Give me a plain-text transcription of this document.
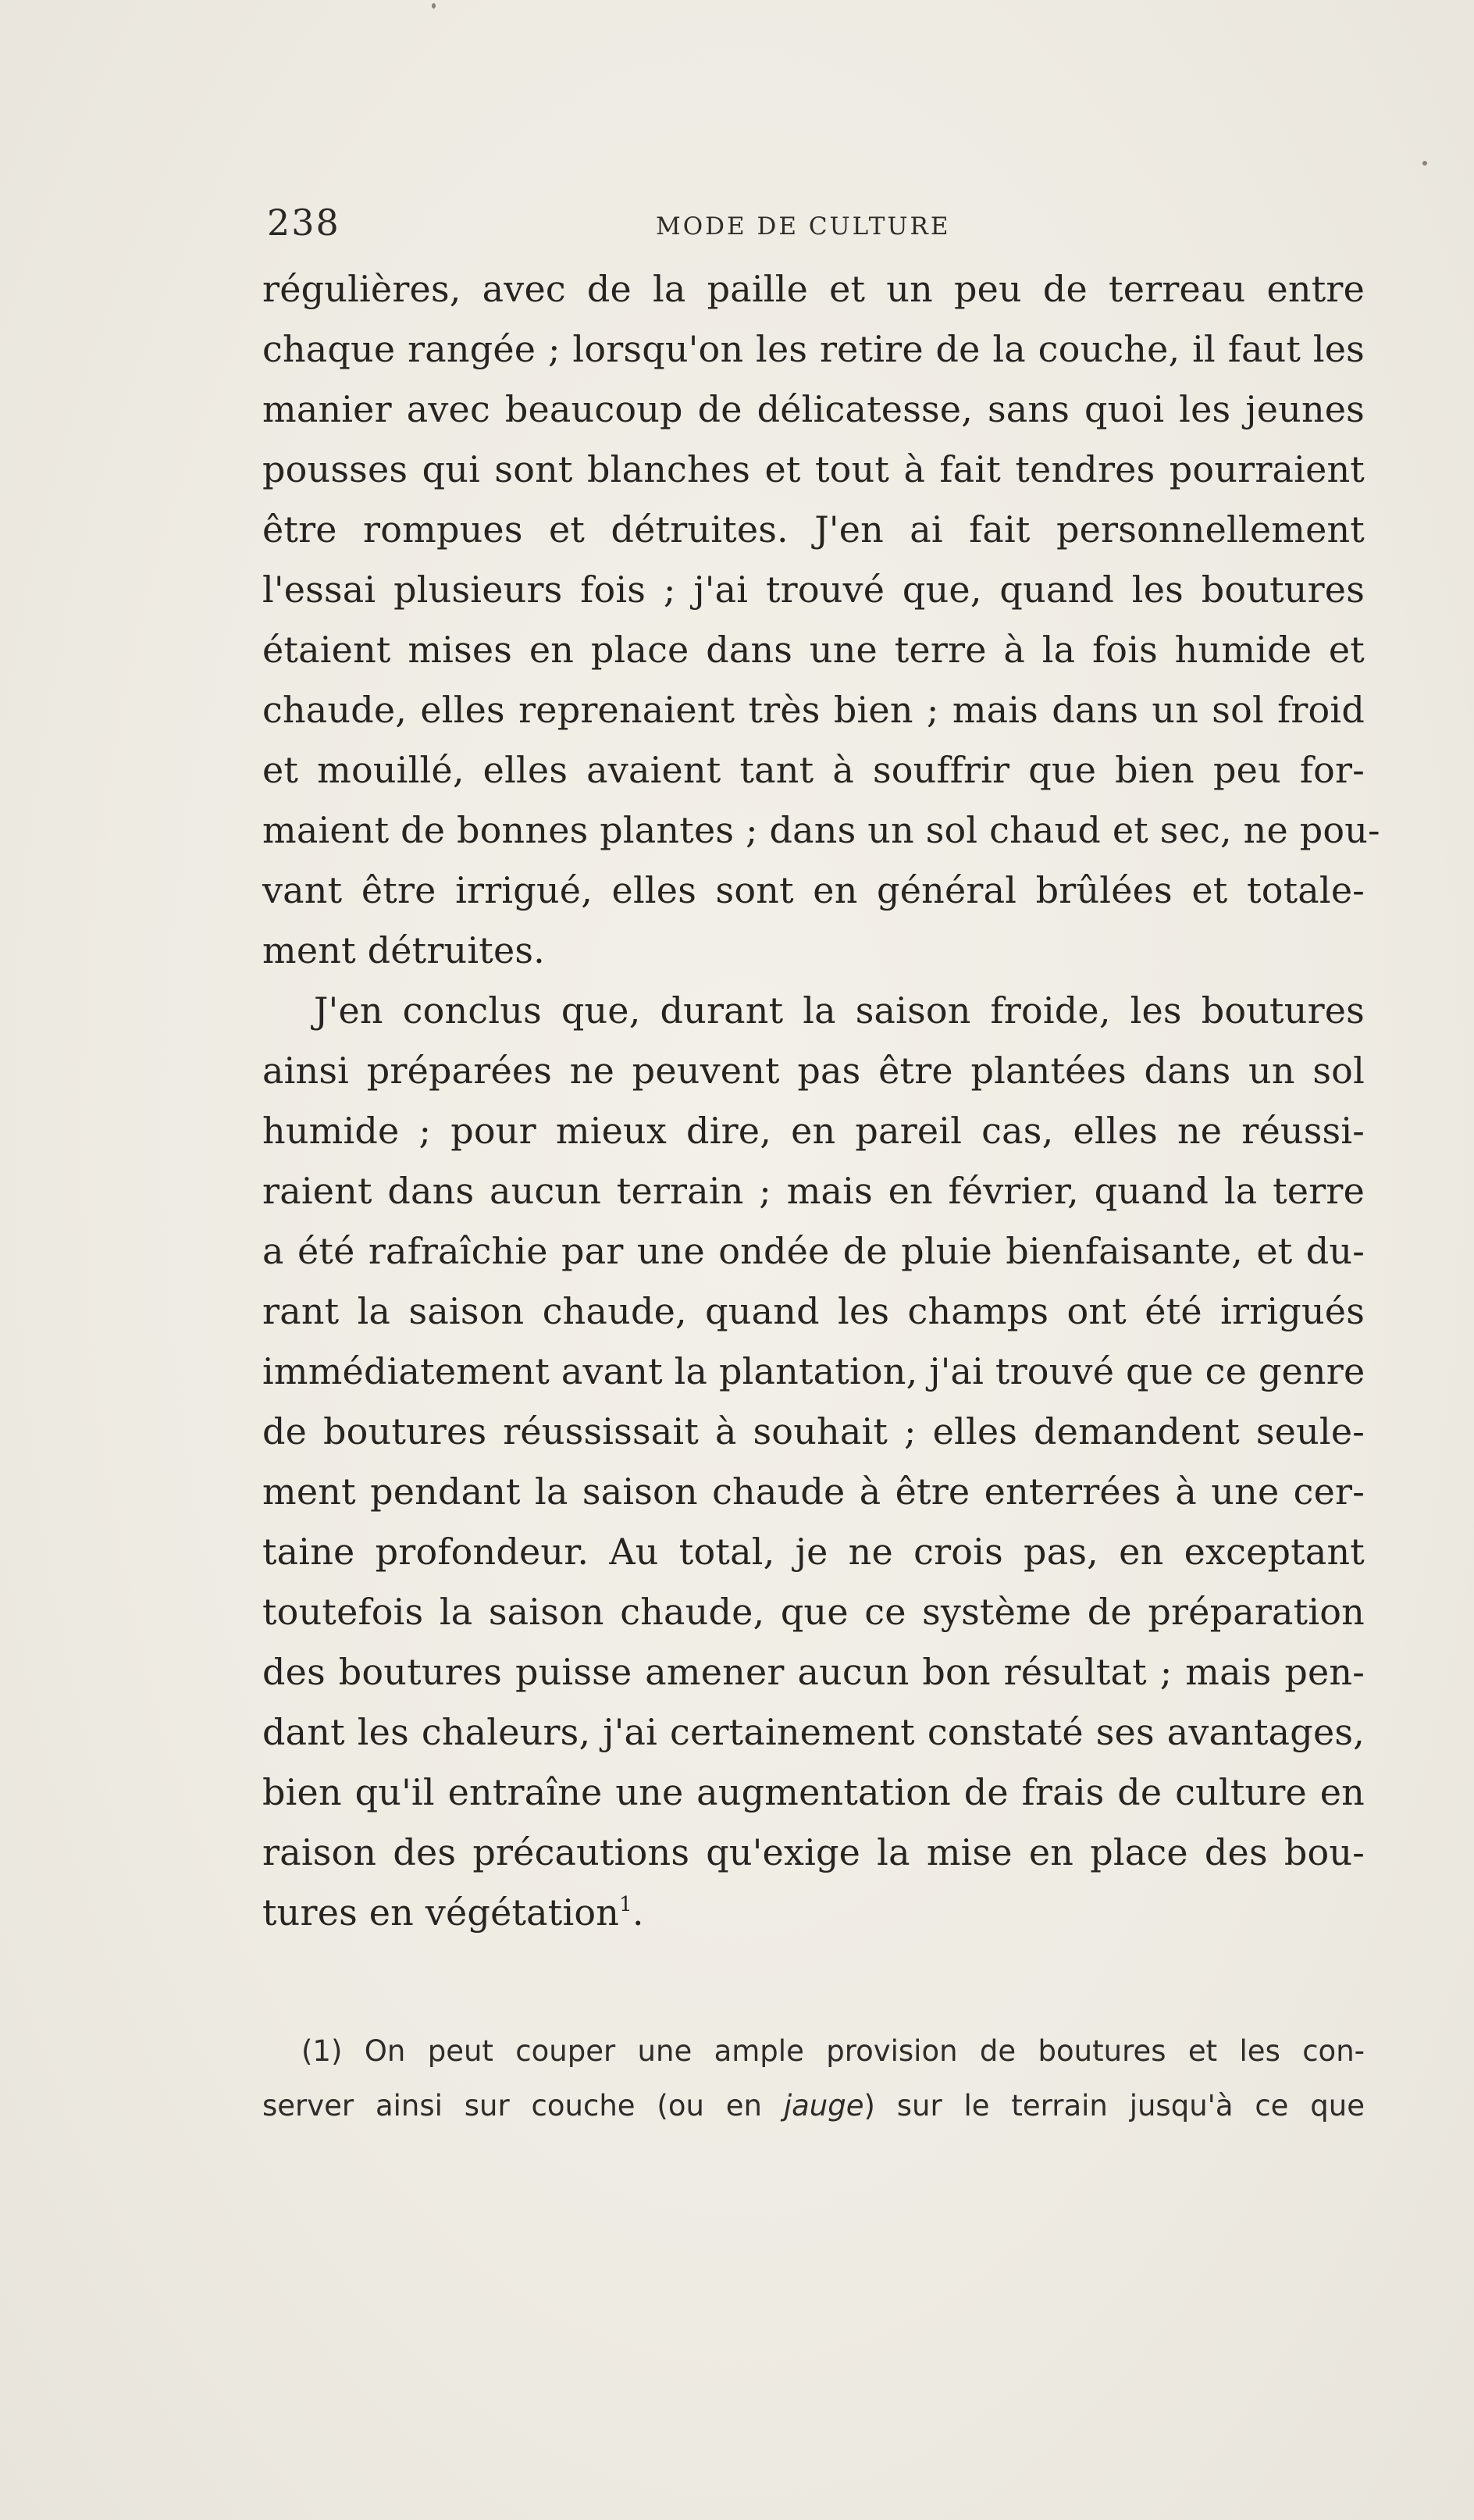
238	MODE DE CULTURE
régulières, avec de la paille et un peu de terreau entre
chaque rangée ; lorsqu'on les retire de la couche, il faut les
manier avec beaucoup de délicatesse, sans quoi les jeunes
pousses qui sont blanches et tout à fait tendres pourraient
être rompues et détruites. J'en ai fait personnellement
l'essai plusieurs fois ; j'ai trouvé que, quand les boutures
étaient mises en place dans une terre à la fois humide et
chaude, elles reprenaient très bien ; mais dans un sol froid
et mouillé, elles avaient tant à souffrir que bien peu for-
maient de bonnes plantes ; dans un sol chaud et sec, ne pou-
vant être irrigué, elles sont en général brûlées et totale-
ment détruites.
J'en conclus que, durant la saison froide, les boutures
ainsi préparées ne peuvent pas être plantées dans un sol
humide ; pour mieux dire, en pareil cas, elles ne réussi-
raient dans aucun terrain ; mais en février, quand la terre
a été rafraîchie par une ondée de pluie bienfaisante, et du-
rant la saison chaude, quand les champs ont été irrigués
immédiatement avant la plantation, j'ai trouvé que ce genre
de boutures réussissait à souhait ; elles demandent seule-
ment pendant la saison chaude à être enterrées à une cer-
taine profondeur. Au total, je ne crois pas, en exceptant
toutefois la saison chaude, que ce système de préparation
des boutures puisse amener aucun bon résultat ; mais pen-
dant les chaleurs, j'ai certainement constaté ses avantages,
bien qu'il entraîne une augmentation de frais de culture en
raison des précautions qu'exige la mise en place des bou-
tures en végétation$^1$.
(1) On peut couper une ample provision de boutures et les con-
server ainsi sur couche (ou en jauge) sur le terrain jusqu'à ce que
